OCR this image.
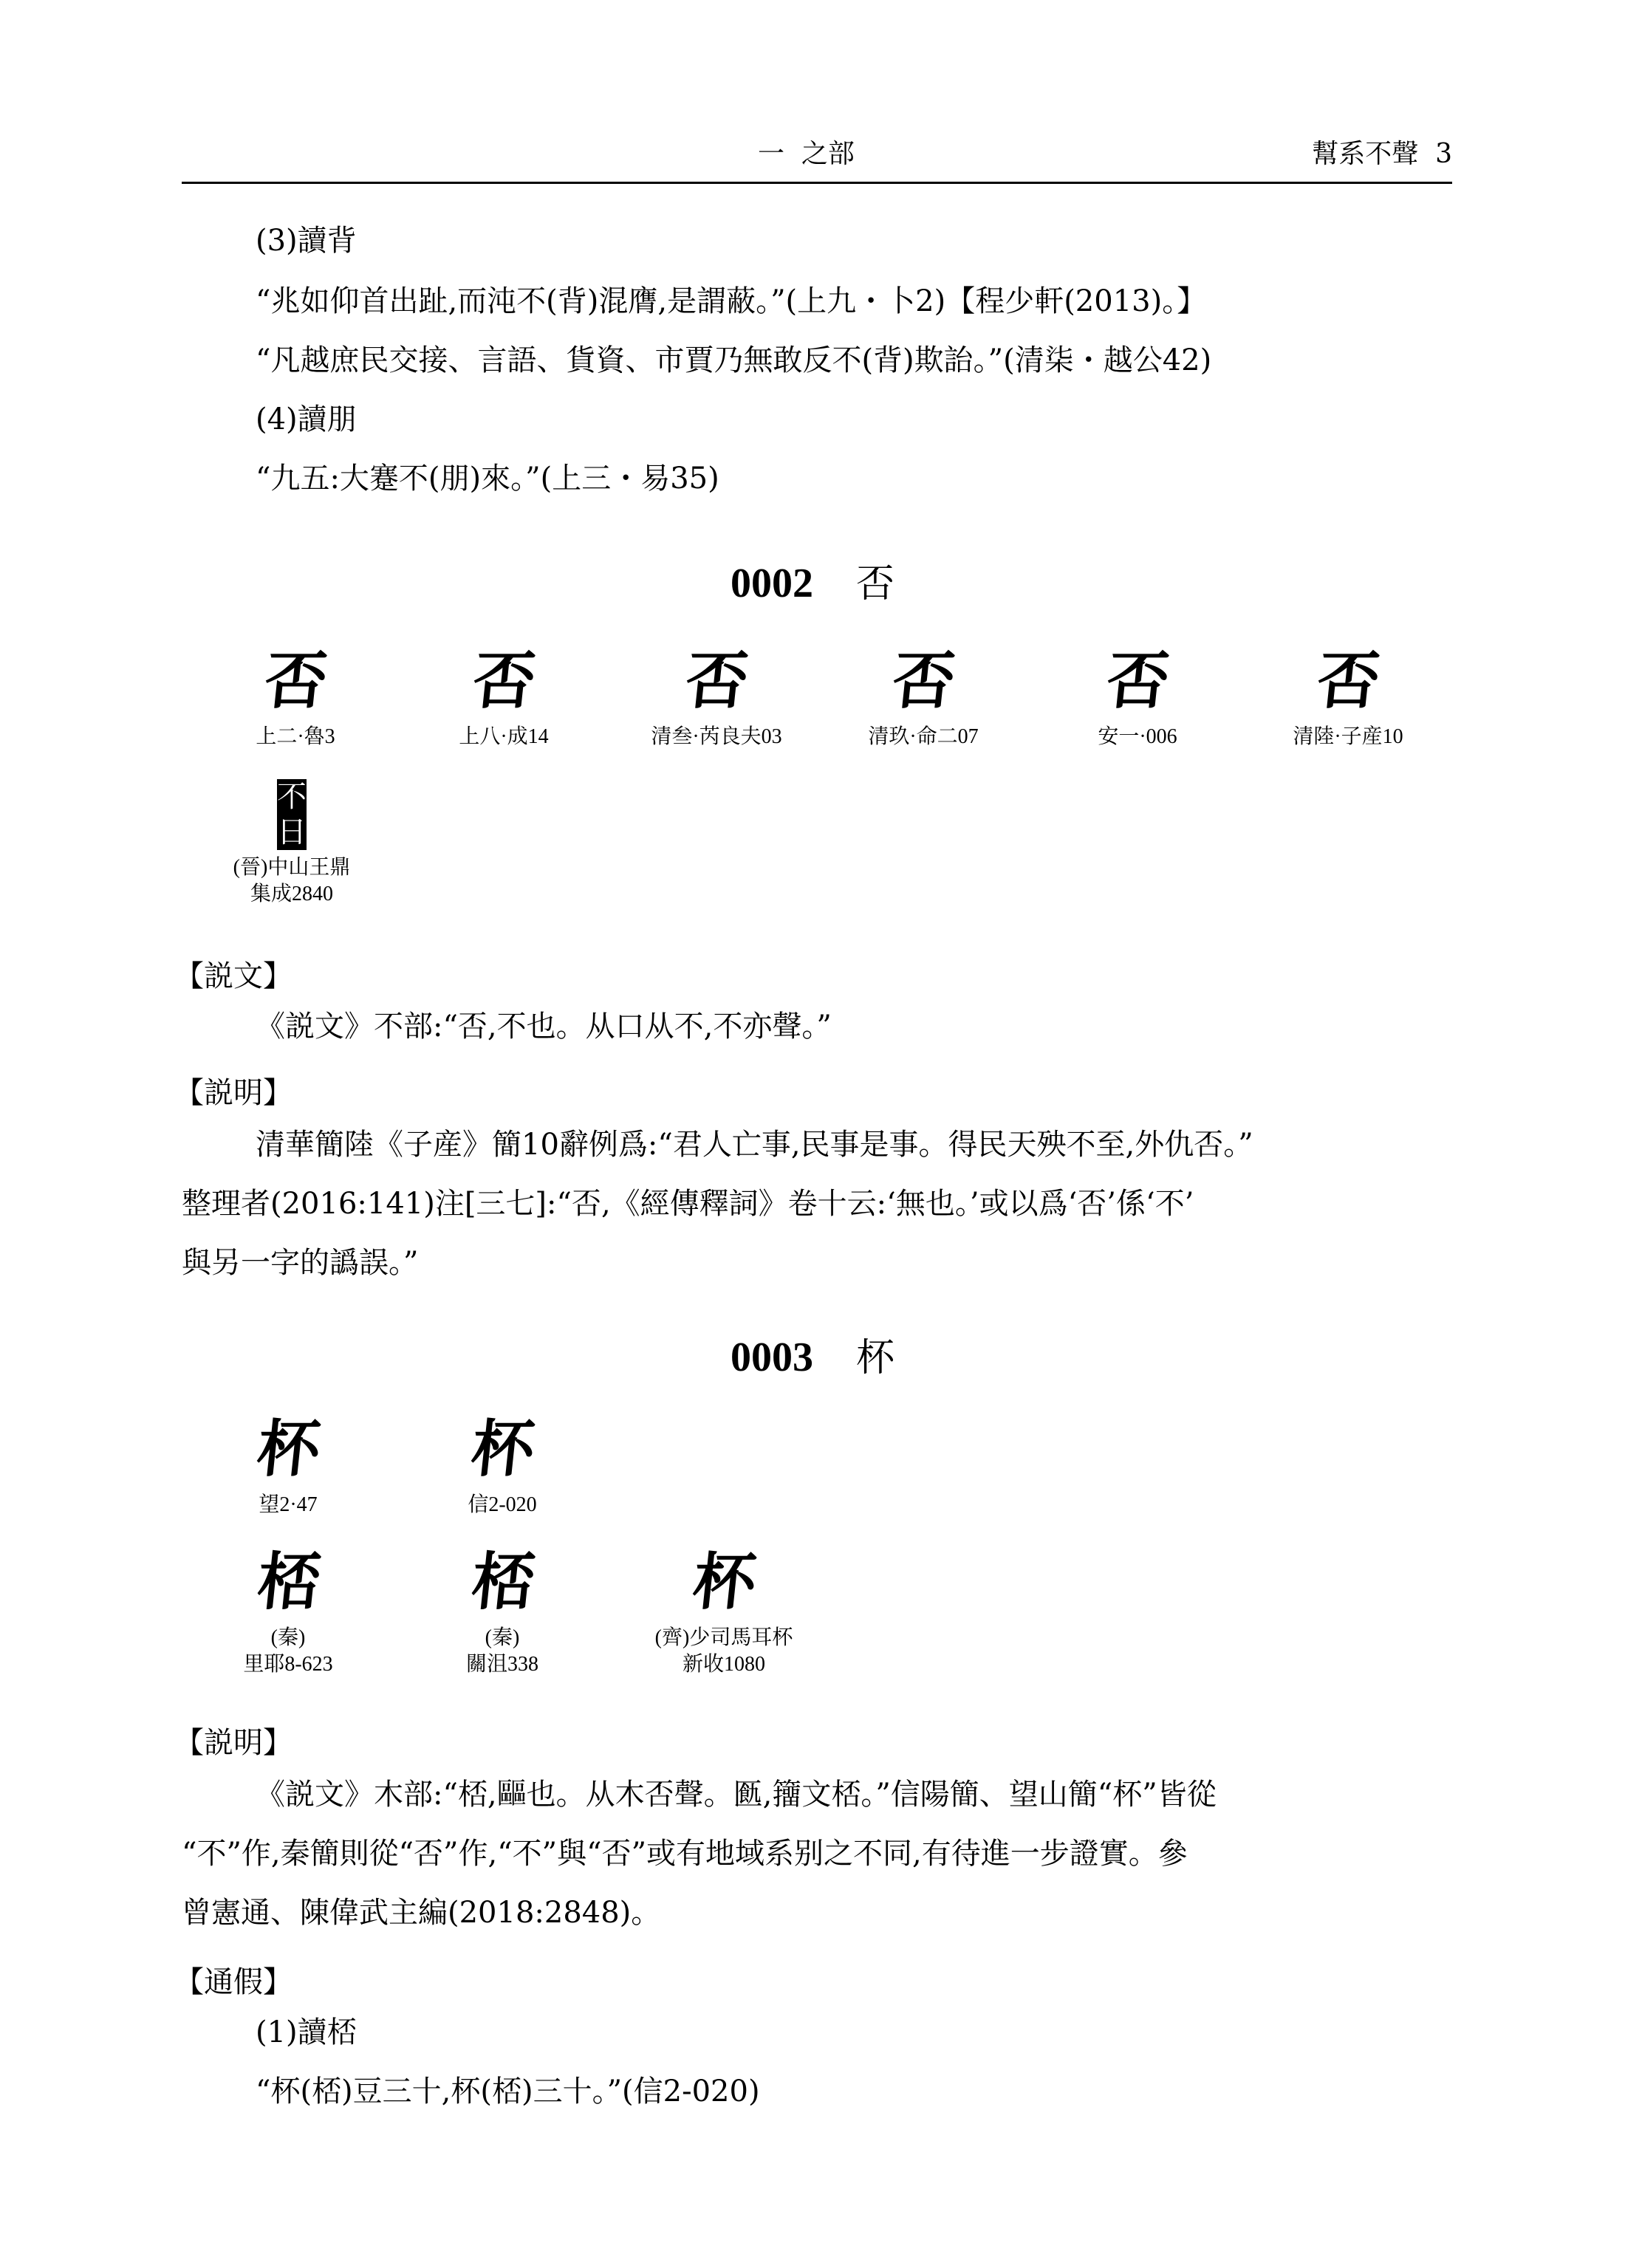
一  之部	幫系不聲  3
(3)讀背
“兆如仰首出趾,而沌不(背)混膺,是謂蔽。”(上九・卜2)【程少軒(2013)。】
“凡越庶民交接、言語、貨資、市賈乃無敢反不(背)欺詒。”(清柒・越公42)
(4)讀朋
“九五:大蹇不(朋)來。”(上三・易35)
0002 否
否
上二·魯3
否
上八·成14
否
清叁·芮良夫03
否
清玖·命二07
否
安一·006
否
清陸·子産10
不日
(晉)中山王鼎
集成2840
【説文】
《説文》不部:“否,不也。从口从不,不亦聲。”
【説明】
清華簡陸《子産》簡10辭例爲:“君人亡事,民事是事。得民天殃不至,外仇否。”
整理者(2016:141)注[三七]:“否,《經傳釋詞》卷十云:‘無也。’或以爲‘否’係‘不’
與另一字的譌誤。”
0003 杯
杯
望2·47
杯
信2-020
桮
(秦)
里耶8-623
桮
(秦)
關沮338
杯
(齊)少司馬耳杯
新收1080
【説明】
《説文》木部:“桮,𠥺也。从木否聲。㔲,籒文桮。”信陽簡、望山簡“杯”皆從
“不”作,秦簡則從“否”作,“不”與“否”或有地域系别之不同,有待進一步證實。參
曾憲通、陳偉武主編(2018:2848)。
【通假】
(1)讀桮
“杯(桮)豆三十,杯(桮)三十。”(信2-020)
